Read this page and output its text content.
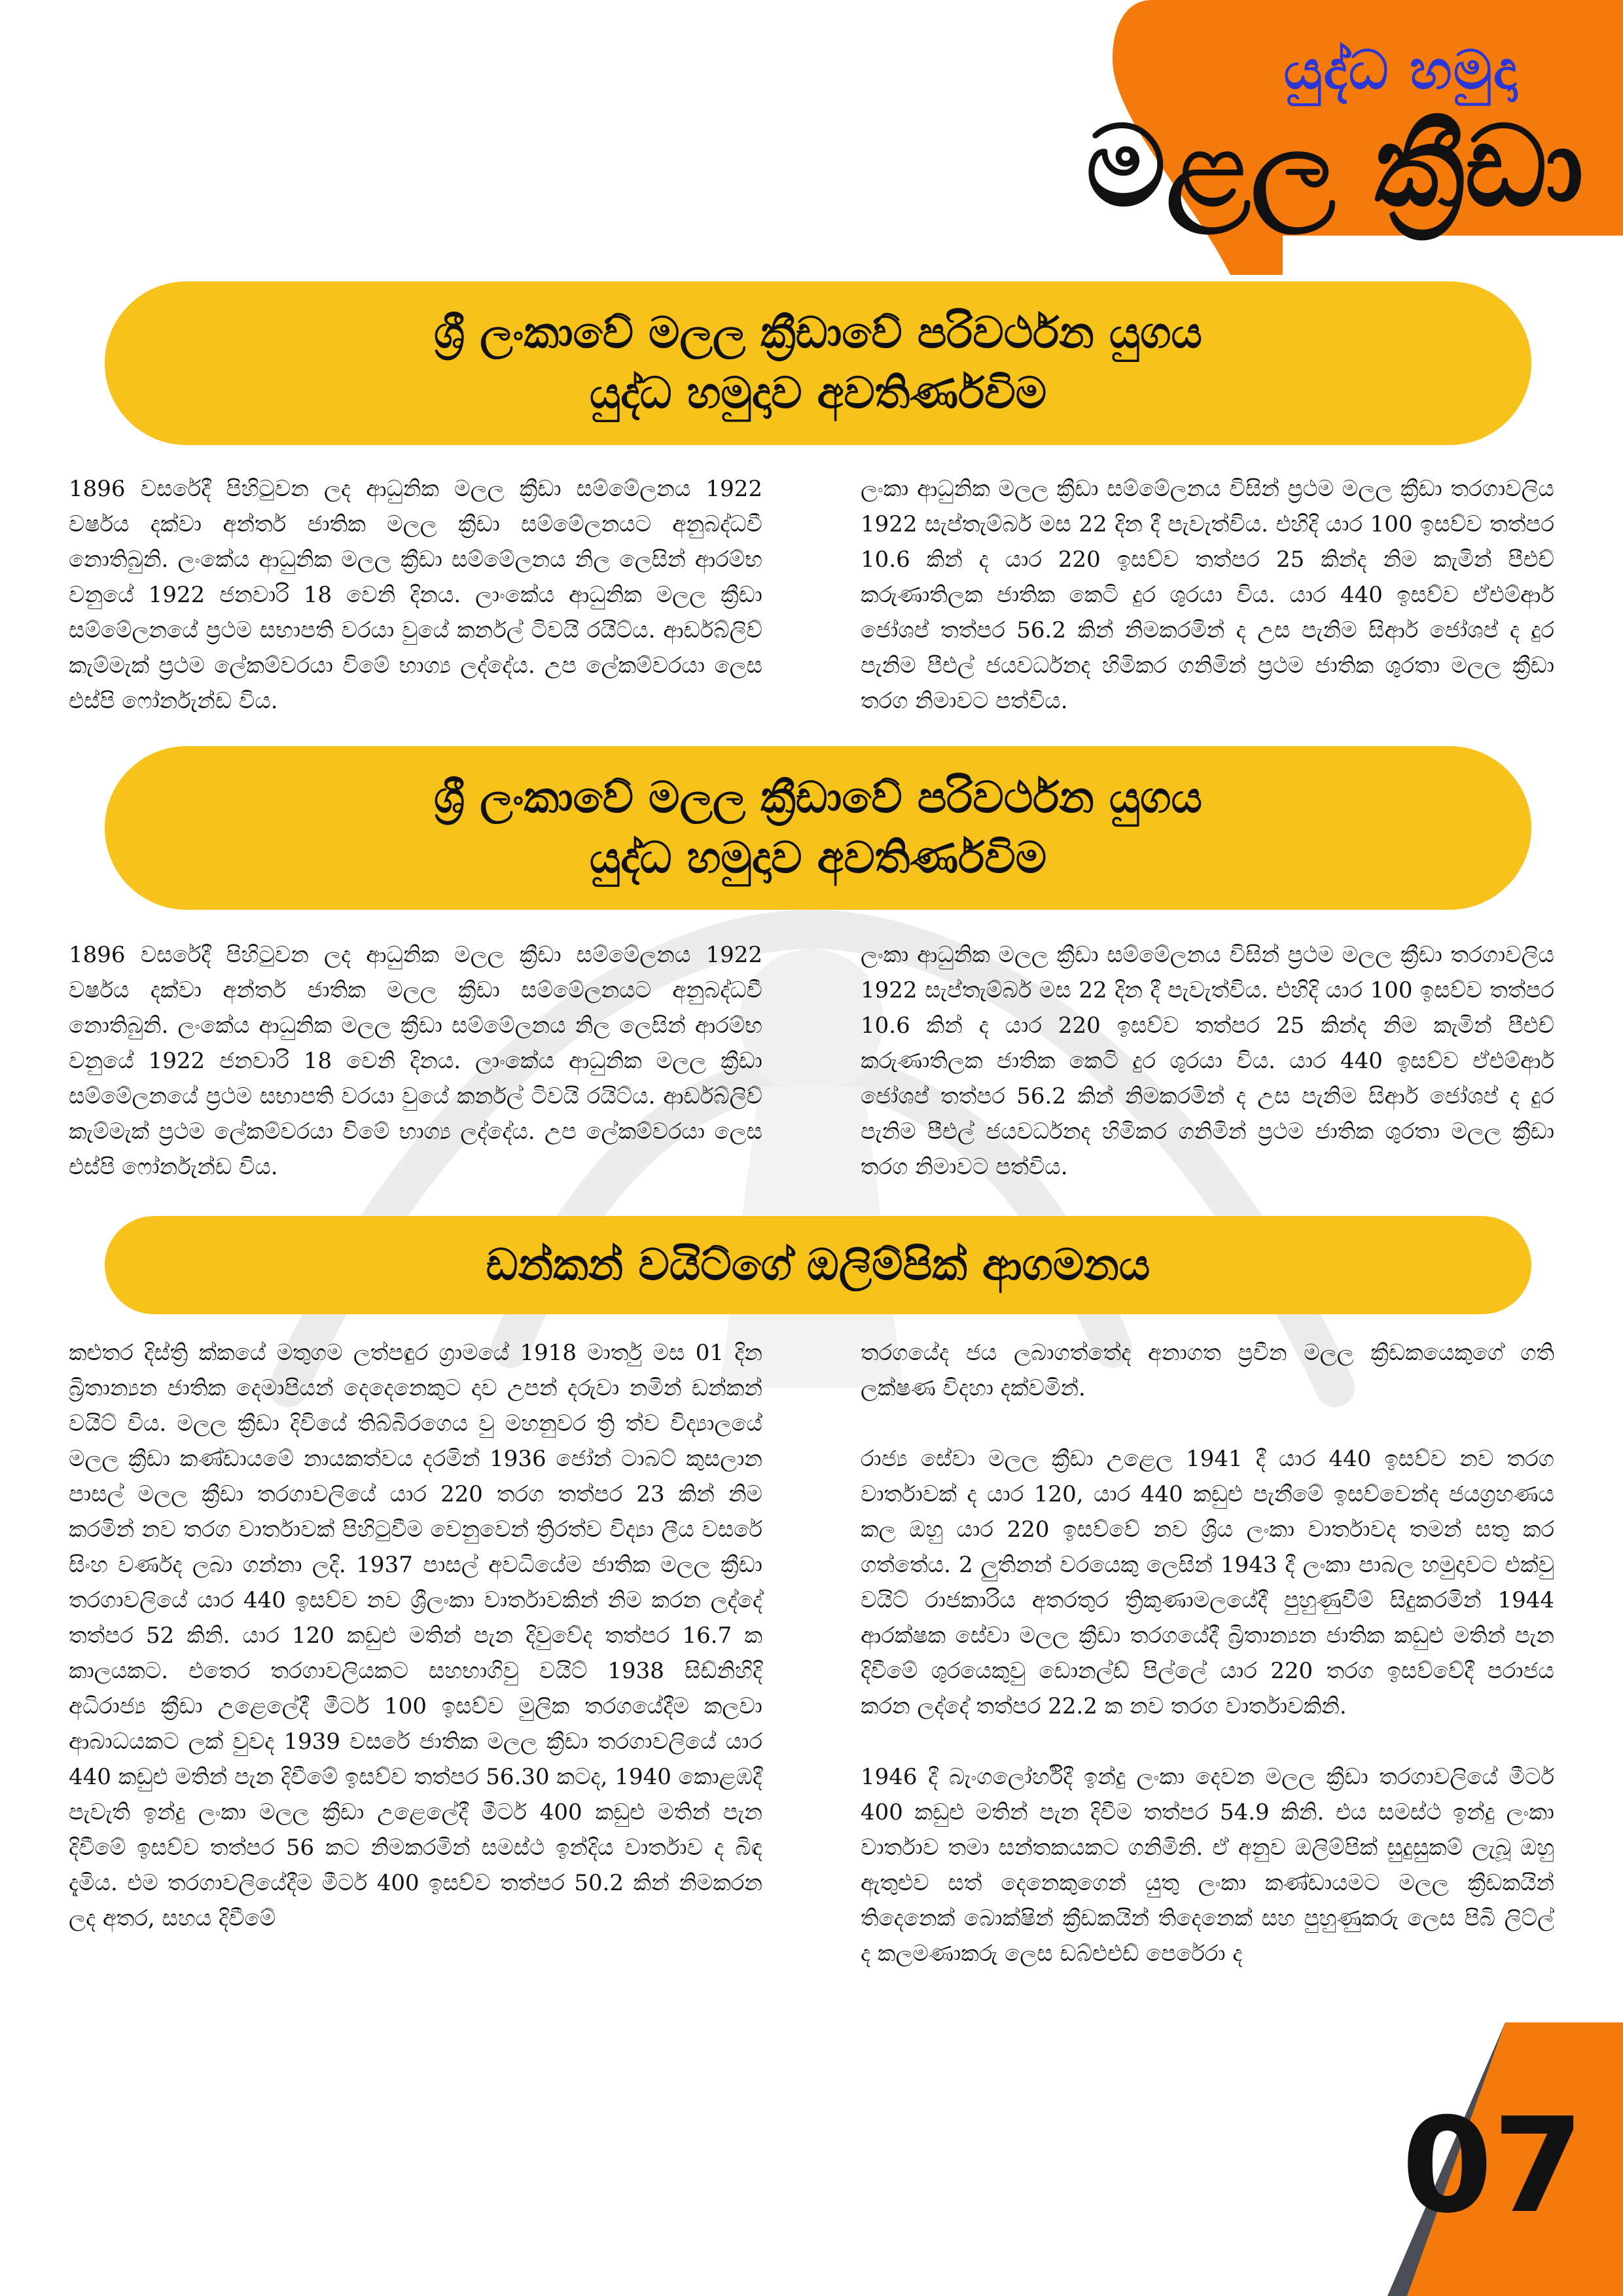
යුද්ධ හමුදා
මළල ක්‍රීඩා
ශ්‍රී ලංකාවේ මලල ක්‍රීඩාවේ පරිවර්ථන යුගය
යුද්ධ හමුදාව අවතිර්ණවිම

1896 වසරේදී පිහිටුවන ලද ආධුනික මලල ක්‍රීඩා සම්මේලනය 1922 වර්ෂය දක්වා අන්තර් ජාතික මලල ක්‍රීඩා සම්මේලනයට අනුබද්ධවී නොතිබුනි. ලංකේය ආධුනික මලල ක්‍රීඩා සම්මේලනය නිල ලෙසින් ආරම්භ වනුයේ 1922 ජනවාරි 18 වෙනි දිනය. ලාංකේය ආධුනික මලල ක්‍රීඩා සම්මේලනයේ ප්‍රථම සභාපති වරයා වුයේ කර්නල් ටිවයි රයිට්ය. ආර්ඩබ්ලිව් කැම්මැක් ප්‍රථම ලේකම්වරයා විමේ භාග්‍ය ලද්දේය. උප ලේකම්වරයා ලෙස එස්පි ෆෝර්නැන්ඩ විය.

ලංකා ආධුනික මලල ක්‍රීඩා සම්මේලනය විසින් ප්‍රථම මලල ක්‍රීඩා තරගාවලිය 1922 සැප්තැම්බර් මස 22 දින දී පැවැත්විය. එහිදි යාර 100 ඉසව්ව තත්පර 10.6 කින් ද යාර 220 ඉසව්ව තත්පර 25 කින්ද නිම කැමින් පීඑච් කරුණාතිලක ජාතික කෙටි දුර ශුරයා විය. යාර 440 ඉසව්ව ඒඑම්ආර් ජෝශප් තත්පර 56.2 කින් නිමකරමින් ද උස පැනිම සිආර් ජෝශප් ද දුර පැනිම පීඑල් ජයවර්ධනද හිමිකර ගනිමින් ප්‍රථම ජාතික ශුරතා මලල ක්‍රීඩා තරග නිමාවට පත්විය.

ශ්‍රී ලංකාවේ මලල ක්‍රීඩාවේ පරිවර්ථන යුගය
යුද්ධ හමුදාව අවතිර්ණවිම

1896 වසරේදී පිහිටුවන ලද ආධුනික මලල ක්‍රීඩා සම්මේලනය 1922 වර්ෂය දක්වා අන්තර් ජාතික මලල ක්‍රීඩා සම්මේලනයට අනුබද්ධවී නොතිබුනි. ලංකේය ආධුනික මලල ක්‍රීඩා සම්මේලනය නිල ලෙසින් ආරම්භ වනුයේ 1922 ජනවාරි 18 වෙනි දිනය. ලාංකේය ආධුනික මලල ක්‍රීඩා සම්මේලනයේ ප්‍රථම සභාපති වරයා වුයේ කර්නල් ටිවයි රයිට්ය. ආර්ඩබ්ලිව් කැම්මැක් ප්‍රථම ලේකම්වරයා විමේ භාග්‍ය ලද්දේය. උප ලේකම්වරයා ලෙස එස්පි ෆෝර්නැන්ඩ විය.

ලංකා ආධුනික මලල ක්‍රීඩා සම්මේලනය විසින් ප්‍රථම මලල ක්‍රීඩා තරගාවලිය 1922 සැප්තැම්බර් මස 22 දින දී පැවැත්විය. එහිදි යාර 100 ඉසව්ව තත්පර 10.6 කින් ද යාර 220 ඉසව්ව තත්පර 25 කින්ද නිම කැමින් පීඑච් කරුණාතිලක ජාතික කෙටි දුර ශුරයා විය. යාර 440 ඉසව්ව ඒඑම්ආර් ජෝශප් තත්පර 56.2 කින් නිමකරමින් ද උස පැනිම සිආර් ජෝශප් ද දුර පැනිම පීඑල් ජයවර්ධනද හිමිකර ගනිමින් ප්‍රථම ජාතික ශුරතා මලල ක්‍රීඩා තරග නිමාවට පත්විය.

ඩන්කන් වයිට්ගේ ඔලිම්පික් ආගමනය

කළුතර දිස්ත්‍රි ක්කයේ මතුගම ලත්පඳුර ග්‍රාමයේ 1918 මාර්තු මස 01 දින බ්‍රිතාන්‍යන ජාතික දෙමාපියන් දෙදෙනෙකුට දාව උපන් දරුවා නමින් ඩන්කන් වයිට් විය. මලල ක්‍රීඩා දිවියේ තිබ්බිරගෙය වු මහනුවර ත්‍රි ත්ව විද්‍යාලයේ මලල ක්‍රීඩා කණ්ඩායමේ නායකත්වය දරමින් 1936 ජෝන් ටාබට් කුසලාන පාසල් මලල ක්‍රීඩා තරගාවලියේ යාර 220 තරග තත්පර 23 කින් නිම කරමින් නව තරග වාර්තාවක් පිහිටුවීම වෙනුවෙන් ත්‍රිරත්ව විද්‍යා ලීය වසරේ සිංහ වර්ණද ලබා ගන්නා ලදි. 1937 පාසල් අවධියේම ජාතික මලල ක්‍රීඩා තරගාවලියේ යාර 440 ඉසව්ව නව ශ්‍රීලංකා වාර්තාවකින් නිම කරන ලද්දේ තත්පර 52 කිනි. යාර 120 කඩුළු මතින් පැන දිවුවේද තත්පර 16.7 ක කාලයකට. එතෙර තරගාවලියකට සහභාගිවු වයිට් 1938 සිඩ්නිහිදි අධිරාජ්‍ය ක්‍රීඩා උළෙලේදී මීටර් 100 ඉසව්ව මුලික තරගයේදීම කලවා ආබාධයකට ලක් වුවද 1939 වසරේ ජාතික මලල ක්‍රීඩා තරගාවලියේ යාර 440 කඩුළු මතින් පැන දිවීමේ ඉසව්ව තත්පර 56.30 කටද, 1940 කොළඹදී පැවැති ඉන්දු ලංකා මලල ක්‍රීඩා උළෙලේදී මීටර් 400 කඩුළු මතින් පැන දිවීමේ ඉසව්ව තත්පර 56 කට නිමකරමින් සමස්ථ ඉන්දිය වාර්තාව ද බිඳ දැමිය. එම තරගාවලියේදීම මීටර් 400 ඉසව්ව තත්පර 50.2 කින් නිමකරන ලද අතර, සහය දිවීමේ

තරගයේද ජය ලබාගත්තේද අනාගත ප්‍රවීන මලල ක්‍රීඩකයෙකුගේ ගති ලක්ෂණ විදහා දක්වමින්.

රාජ්‍ය සේවා මලල ක්‍රීඩා උළෙල 1941 දී යාර 440 ඉසව්ව නව තරග වාර්තාවක් ද යාර 120, යාර 440 කඩුළු පැනීමේ ඉසව්වෙන්ද ජයග්‍රහණය කල ඔහු යාර 220 ඉසව්වේ නව ශ්‍රිය ලංකා වාර්තාවද තමන් සතු කර ගත්තේය. 2 ලුතිනන් වරයෙකු ලෙසින් 1943 දී ලංකා පාබල හමුදාවට එක්වු වයිට් රාජකාරිය අතරතුර ත්‍රිකුණාමලයේදී පුහුණුවීම් සිදුකරමින් 1944 ආරක්ෂක සේවා මලල ක්‍රීඩා තරගයේදී බ්‍රිතාන්‍යන ජාතික කඩුළු මතින් පැන දිවීමේ ශුරයෙකුවු ඩොනල්ඩ් පිල්ලේ යාර 220 තරග ඉසව්වේදී පරාජය කරන ලද්දේ තත්පර 22.2 ක නව තරග වාර්තාවකිනි.

1946 දී බැංගලෝර්හිදී ඉන්දු ලංකා දෙවන මලල ක්‍රීඩා තරගාවලියේ මීටර් 400 කඩුළු මතින් පැන දිවීම තත්පර 54.9 කිනි. එය සමස්ථ ඉන්දු ලංකා වාර්තාව තමා සන්තකයකට ගනිමිනි. ඒ අනුව ඔලිම්පික් සුදුසුකම් ලැබූ ඔහු ඇතුළුව සත් දෙනෙකුගෙන් යුතු ලංකා කණ්ඩායමට මලල ක්‍රීඩකයින් තිදෙනෙක් බොක්ෂින් ක්‍රීඩකයින් තිදෙනෙක් සහ පුහුණුකරු ලෙස පිබි ලිට්ල් ද කලමණාකරු ලෙස ඩබ්ළුඑඩ් පෙරේරා ද

07
